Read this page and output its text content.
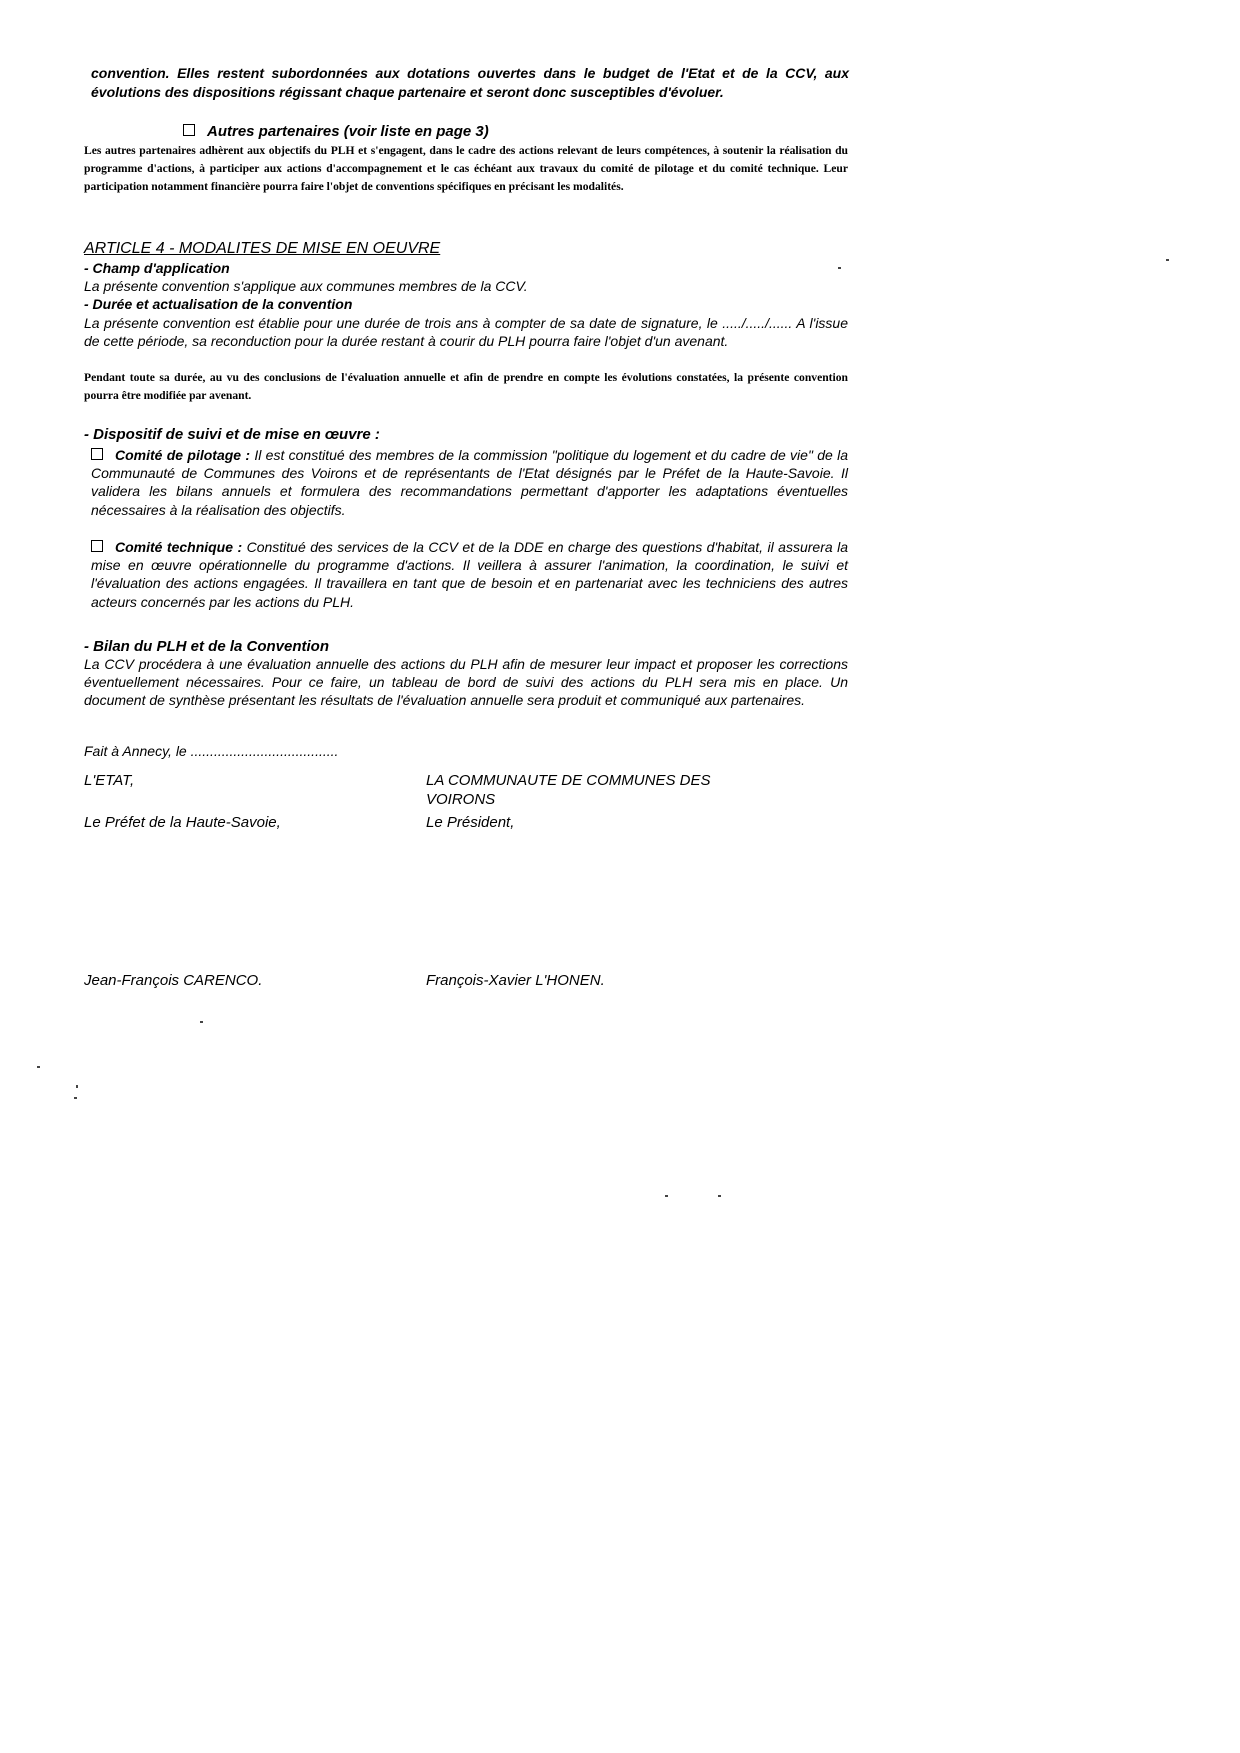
convention. Elles restent subordonnées aux dotations ouvertes dans le budget de l'Etat et de la CCV, aux évolutions des dispositions régissant chaque partenaire et seront donc susceptibles d'évoluer.
Autres partenaires (voir liste en page 3)
Les autres partenaires adhèrent aux objectifs du PLH et s'engagent, dans le cadre des actions relevant de leurs compétences, à soutenir la réalisation du programme d'actions, à participer aux actions d'accompagnement et le cas échéant aux travaux du comité de pilotage et du comité technique. Leur participation notamment financière pourra faire l'objet de conventions spécifiques en précisant les modalités.
ARTICLE 4 - MODALITES DE MISE EN OEUVRE
- Champ d'application
La présente convention s'applique aux communes membres de la CCV.
- Durée et actualisation de la convention
La présente convention est établie pour une durée de trois ans à compter de sa date de signature, le ...../...../...... A l'issue de cette période, sa reconduction pour la durée restant à courir du PLH pourra faire l'objet d'un avenant.
Pendant toute sa durée, au vu des conclusions de l'évaluation annuelle et afin de prendre en compte les évolutions constatées, la présente convention pourra être modifiée par avenant.
- Dispositif de suivi et de mise en œuvre :
Comité de pilotage : Il est constitué des membres de la commission "politique du logement et du cadre de vie" de la Communauté de Communes des Voirons et de représentants de l'Etat désignés par le Préfet de la Haute-Savoie. Il validera les bilans annuels et formulera des recommandations permettant d'apporter les adaptations éventuelles nécessaires à la réalisation des objectifs.
Comité technique : Constitué des services de la CCV et de la DDE en charge des questions d'habitat, il assurera la mise en œuvre opérationnelle du programme d'actions. Il veillera à assurer l'animation, la coordination, le suivi et l'évaluation des actions engagées. Il travaillera en tant que de besoin et en partenariat avec les techniciens des autres acteurs concernés par les actions du PLH.
- Bilan du PLH et de la Convention
La CCV procédera à une évaluation annuelle des actions du PLH afin de mesurer leur impact et proposer les corrections éventuellement nécessaires. Pour ce faire, un tableau de bord de suivi des actions du PLH sera mis en place. Un document de synthèse présentant les résultats de l'évaluation annuelle sera produit et communiqué aux partenaires.
Fait à Annecy, le ......................................
L'ETAT,	LA COMMUNAUTE DE COMMUNES DES
VOIRONS
Le Préfet de la Haute-Savoie,	Le Président,
Jean-François CARENCO.	François-Xavier L'HONEN.
